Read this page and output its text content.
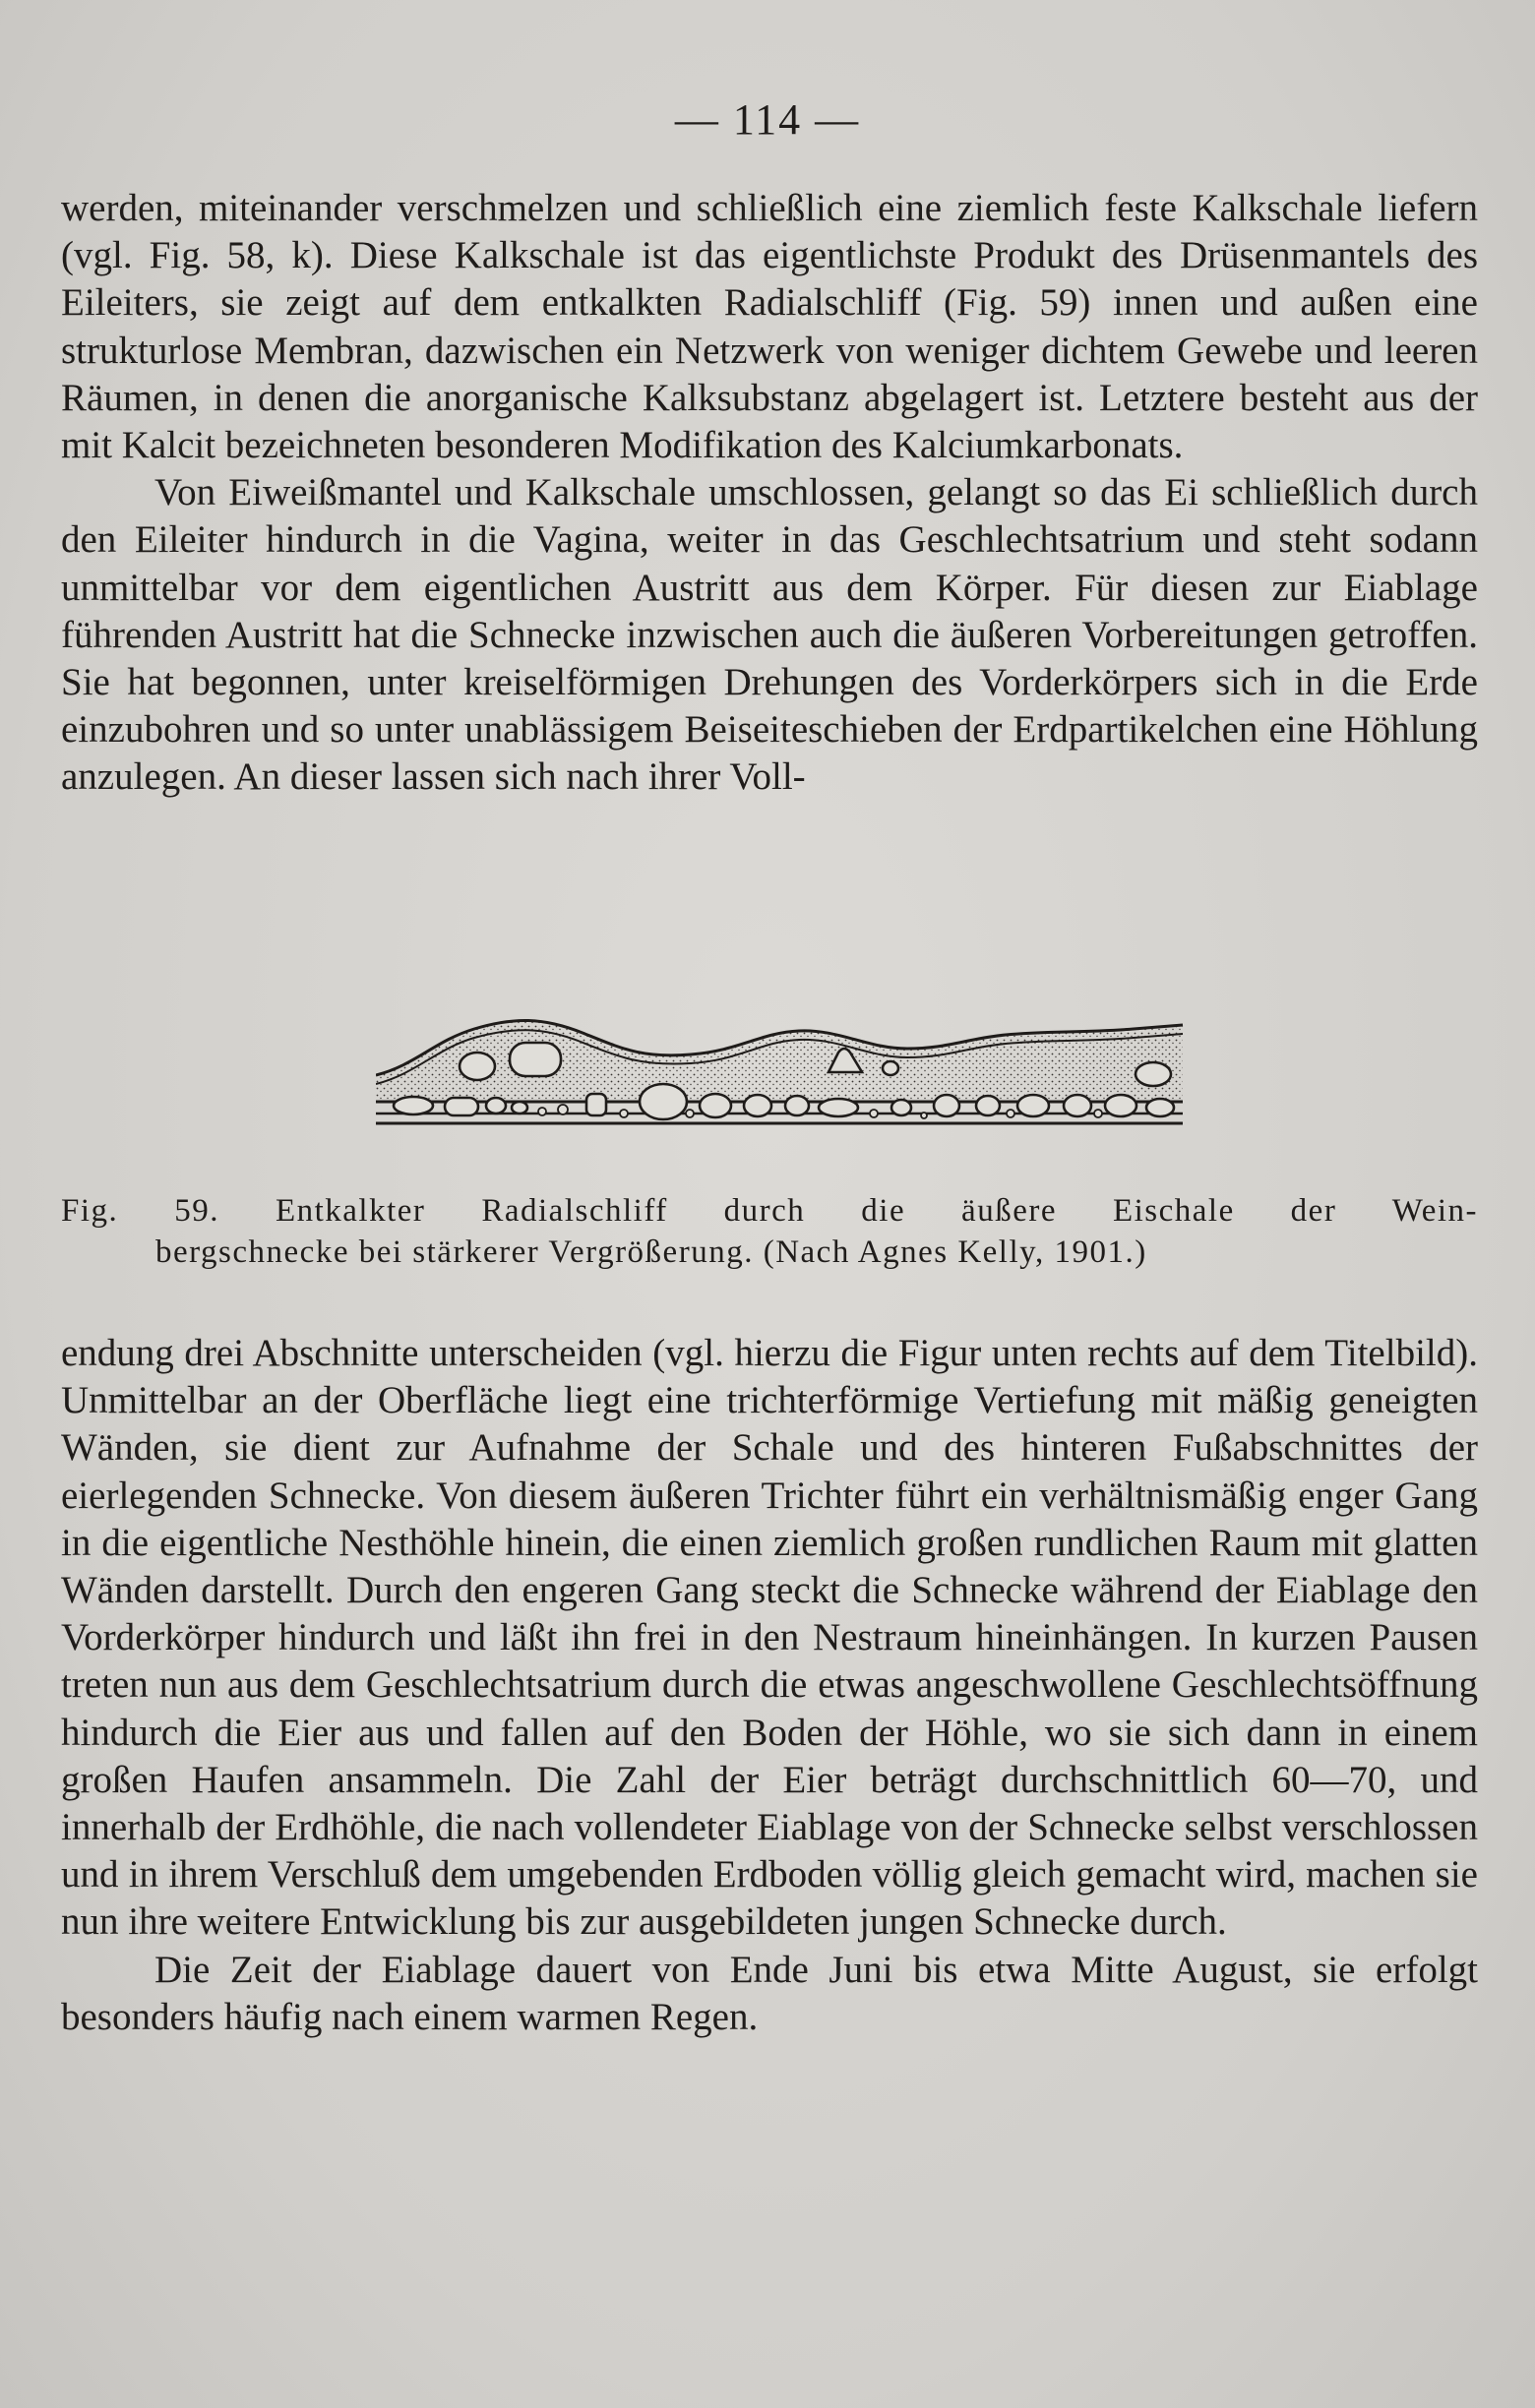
— 114 —

werden, miteinander verschmelzen und schließlich eine ziemlich feste Kalkschale liefern (vgl. Fig. 58, k). Diese Kalkschale ist das eigentlichste Produkt des Drüsenmantels des Eileiters, sie zeigt auf dem entkalkten Radialschliff (Fig. 59) innen und außen eine strukturlose Membran, dazwischen ein Netzwerk von weniger dichtem Gewebe und leeren Räumen, in denen die anorganische Kalksubstanz abgelagert ist. Letztere besteht aus der mit Kalcit bezeichneten besonderen Modifikation des Kalciumkarbonats.

Von Eiweißmantel und Kalkschale umschlossen, gelangt so das Ei schließlich durch den Eileiter hindurch in die Vagina, weiter in das Geschlechtsatrium und steht sodann unmittelbar vor dem eigentlichen Austritt aus dem Körper. Für diesen zur Eiablage führenden Austritt hat die Schnecke inzwischen auch die äußeren Vorbereitungen getroffen. Sie hat begonnen, unter kreiselförmigen Drehungen des Vorderkörpers sich in die Erde einzubohren und so unter unablässigem Beiseiteschieben der Erdpartikelchen eine Höhlung anzulegen. An dieser lassen sich nach ihrer Voll-

Fig. 59. Entkalkter Radialschliff durch die äußere Eischale der Wein-
bergschnecke bei stärkerer Vergrößerung. (Nach Agnes Kelly, 1901.)

endung drei Abschnitte unterscheiden (vgl. hierzu die Figur unten rechts auf dem Titelbild). Unmittelbar an der Oberfläche liegt eine trichterförmige Vertiefung mit mäßig geneigten Wänden, sie dient zur Aufnahme der Schale und des hinteren Fußabschnittes der eierlegenden Schnecke. Von diesem äußeren Trichter führt ein verhältnismäßig enger Gang in die eigentliche Nesthöhle hinein, die einen ziemlich großen rundlichen Raum mit glatten Wänden darstellt. Durch den engeren Gang steckt die Schnecke während der Eiablage den Vorderkörper hindurch und läßt ihn frei in den Nestraum hineinhängen. In kurzen Pausen treten nun aus dem Geschlechtsatrium durch die etwas angeschwollene Geschlechtsöffnung hindurch die Eier aus und fallen auf den Boden der Höhle, wo sie sich dann in einem großen Haufen ansammeln. Die Zahl der Eier beträgt durchschnittlich 60—70, und innerhalb der Erdhöhle, die nach vollendeter Eiablage von der Schnecke selbst verschlossen und in ihrem Verschluß dem umgebenden Erdboden völlig gleich gemacht wird, machen sie nun ihre weitere Entwicklung bis zur ausgebildeten jungen Schnecke durch.

Die Zeit der Eiablage dauert von Ende Juni bis etwa Mitte August, sie erfolgt besonders häufig nach einem warmen Regen.
